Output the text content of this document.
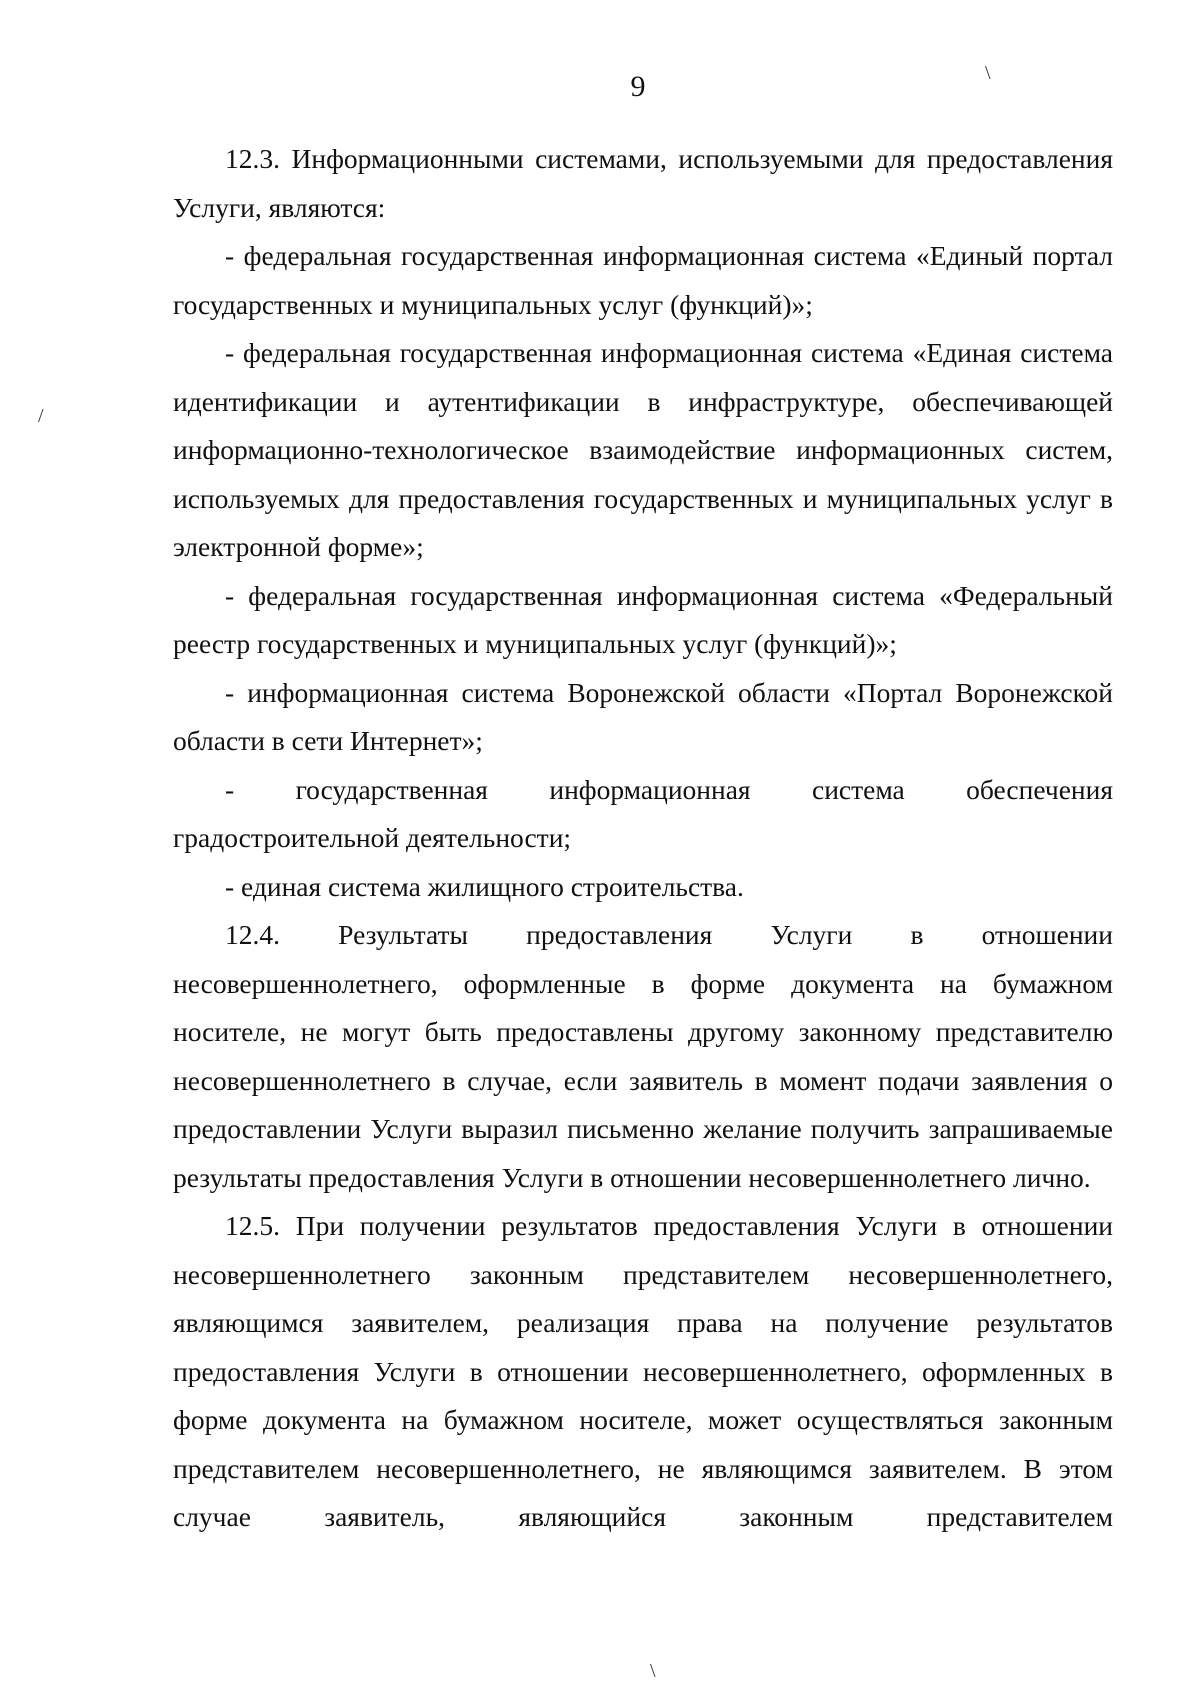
9	\
/
\

12.3. Информационными системами, используемыми для предоставления Услуги, являются:

- федеральная государственная информационная система «Единый портал государственных и муниципальных услуг (функций)»;

- федеральная государственная информационная система «Единая система идентификации и аутентификации в инфраструктуре, обеспечивающей информационно-технологическое взаимодействие информационных систем, используемых для предоставления государственных и муниципальных услуг в электронной форме»;

- федеральная государственная информационная система «Федеральный реестр государственных и муниципальных услуг (функций)»;

- информационная система Воронежской области «Портал Воронежской области в сети Интернет»;

- государственная информационная система обеспечения градостроительной деятельности;

- единая система жилищного строительства.

12.4. Результаты предоставления Услуги в отношении несовершеннолетнего, оформленные в форме документа на бумажном носителе, не могут быть предоставлены другому законному представителю несовершеннолетнего в случае, если заявитель в момент подачи заявления о предоставлении Услуги выразил письменно желание получить запрашиваемые результаты предоставления Услуги в отношении несовершеннолетнего лично.

12.5. При получении результатов предоставления Услуги в отношении несовершеннолетнего законным представителем несовершеннолетнего, являющимся заявителем, реализация права на получение результатов предоставления Услуги в отношении несовершеннолетнего, оформленных в форме документа на бумажном носителе, может осуществляться законным представителем несовершеннолетнего, не являющимся заявителем. В этом случае заявитель, являющийся законным представителем
